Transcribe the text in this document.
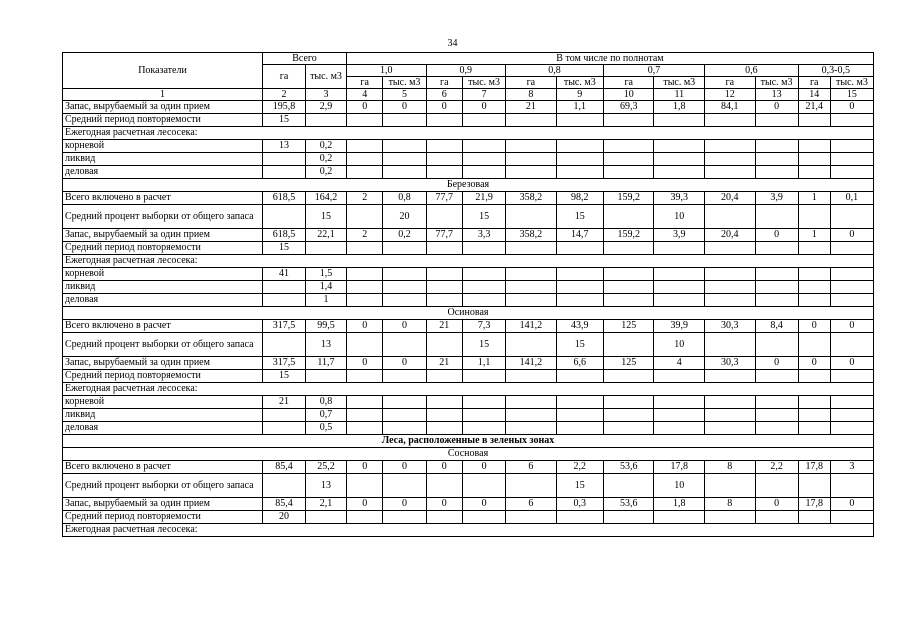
34
Показатели	Всего		В том числе по полнотам											
	га	тыс. м3	1,0		0,9		0,8		0,7		0,6		0,3-0,5	
			га	тыс. м3	га	тыс. м3	га	тыс. м3	га	тыс. м3	га	тыс. м3	га	тыс. м3
1	2	3	4	5	6	7	8	9	10	11	12	13	14	15
Запас, вырубаемый за один прием	195,8	2,9	0	0	0	0	21	1,1	69,3	1,8	84,1	0	21,4	0
Средний период повторяемости	15													
Ежегодная расчетная лесосека:														
корневой	13	0,2												
ликвид		0,2												
деловая		0,2												
Березовая														
Всего включено в расчет	618,5	164,2	2	0,8	77,7	21,9	358,2	98,2	159,2	39,3	20,4	3,9	1	0,1
Средний процент выборки от общего запаса		15		20		15		15		10				
Запас, вырубаемый за один прием	618,5	22,1	2	0,2	77,7	3,3	358,2	14,7	159,2	3,9	20,4	0	1	0
Средний период повторяемости	15													
Ежегодная расчетная лесосека:														
корневой	41	1,5												
ликвид		1,4												
деловая		1												
Осиновая														
Всего включено в расчет	317,5	99,5	0	0	21	7,3	141,2	43,9	125	39,9	30,3	8,4	0	0
Средний процент выборки от общего запаса		13				15		15		10				
Запас, вырубаемый за один прием	317,5	11,7	0	0	21	1,1	141,2	6,6	125	4	30,3	0	0	0
Средний период повторяемости	15													
Ежегодная расчетная лесосека:														
корневой	21	0,8												
ликвид		0,7												
деловая		0,5												
Леса, расположенные в зеленых зонах														
Сосновая														
Всего включено в расчет	85,4	25,2	0	0	0	0	6	2,2	53,6	17,8	8	2,2	17,8	3
Средний процент выборки от общего запаса		13						15		10				
Запас, вырубаемый за один прием	85,4	2,1	0	0	0	0	6	0,3	53,6	1,8	8	0	17,8	0
Средний период повторяемости	20													
Ежегодная расчетная лесосека:														
